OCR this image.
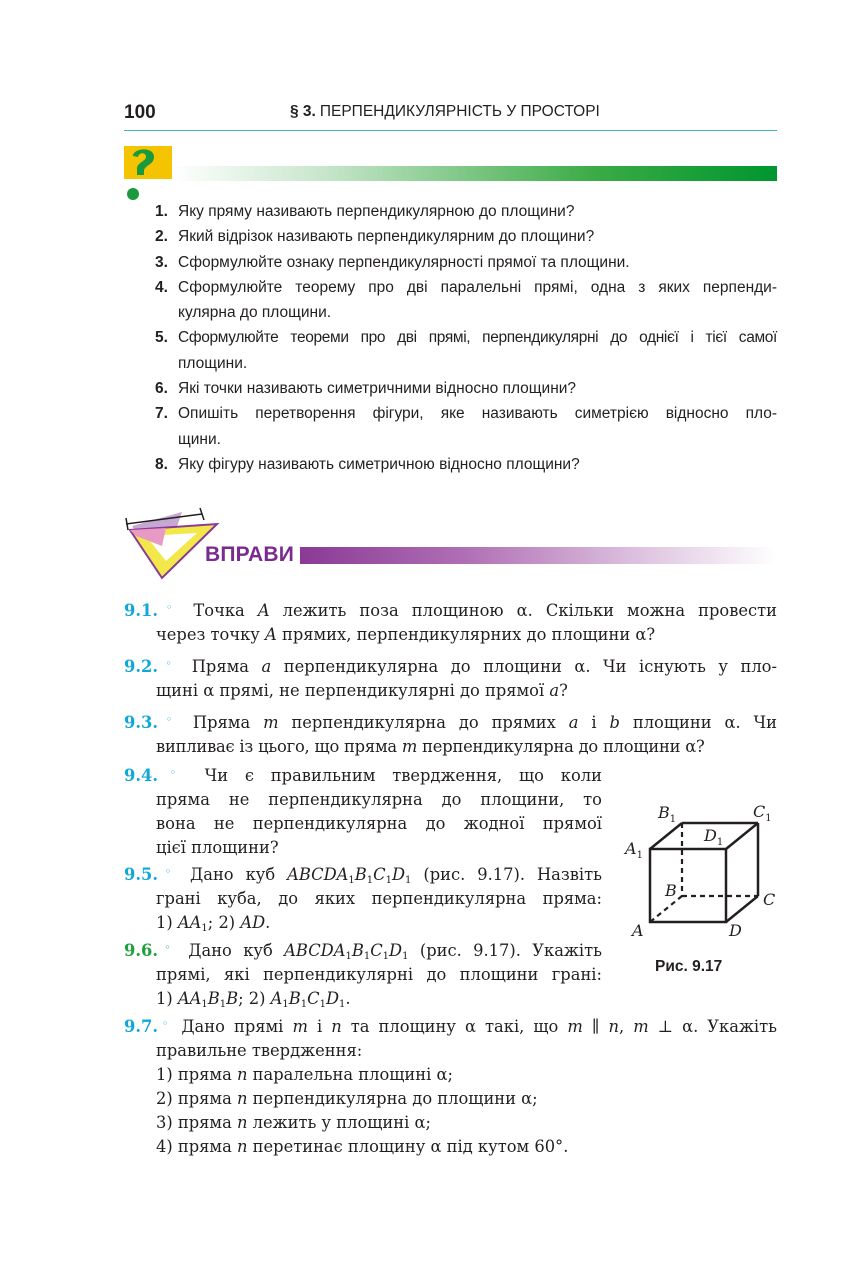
100	§ 3. ПЕРПЕНДИКУЛЯРНІСТЬ У ПРОСТОРІ
1. Яку пряму називають перпендикулярною до площини?
2. Який відрізок називають перпендикулярним до площини?
3. Сформулюйте ознаку перпендикулярності прямої та площини.
4. Сформулюйте теорему про дві паралельні прямі, одна з яких перпенди-
кулярна до площини.
5. Сформулюйте теореми про дві прямі, перпендикулярні до однієї і тієї самої
площини.
6. Які точки називають симетричними відносно площини?
7. Опишіть перетворення фігури, яке називають симетрією відносно пло-
щини.
8. Яку фігуру називають симетричною відносно площини?
ВПРАВИ
9.1.◦ Точка A лежить поза площиною α. Скільки можна провести
через точку A прямих, перпендикулярних до площини α?
9.2.◦ Пряма a перпендикулярна до площини α. Чи існують у пло-
щині α прямі, не перпендикулярні до прямої a?
9.3.◦ Пряма m перпендикулярна до прямих a і b площини α. Чи
випливає із цього, що пряма m перпендикулярна до площини α?
9.4.◦ Чи є правильним твердження, що коли
пряма не перпендикулярна до площини, то
вона не перпендикулярна до жодної прямої
цієї площини?
9.5.◦ Дано куб $ABCDA_1B_1C_1D_1$ (рис. 9.17). Назвіть
грані куба, до яких перпендикулярна пряма:
1) $AA_1$; 2) AD.
9.6.◦ Дано куб $ABCDA_1B_1C_1D_1$ (рис. 9.17). Укажіть
прямі, які перпендикулярні до площини грані:
1) $AA_1B_1B$; 2) $A_1B_1C_1D_1$.
$B_1$	$C_1$
$D_1$
$A_1$
B	C
A	D
Рис. 9.17
9.7.◦ Дано прямі m і n та площину α такі, що m ∥ n, m ⊥ α. Укажіть
правильне твердження:
1) пряма n паралельна площині α;
2) пряма n перпендикулярна до площини α;
3) пряма n лежить у площині α;
4) пряма n перетинає площину α під кутом 60°.
